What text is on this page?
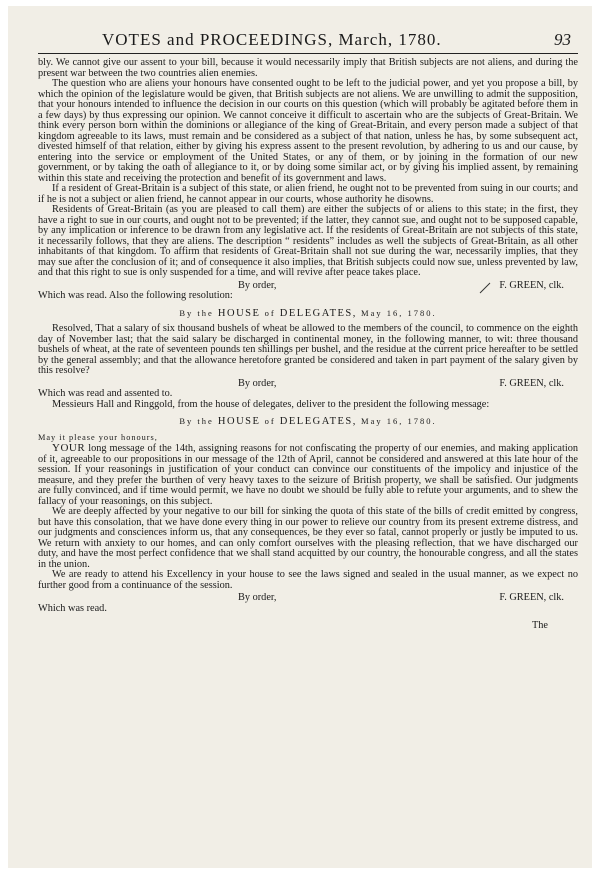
VOTES and PROCEEDINGS, March, 1780.	93

bly. We cannot give our assent to your bill, because it would necessarily imply that British subjects are not aliens, and during the present war between the two countries alien enemies.

The question who are aliens your honours have consented ought to be left to the judicial power, and yet you propose a bill, by which the opinion of the legislature would be given, that British subjects are not aliens. We are unwilling to admit the supposition, that your honours intended to influence the decision in our courts on this question (which will probably be agitated before them in a few days) by thus expressing our opinion. We cannot conceive it difficult to ascertain who are the subjects of Great-Britain. We think every person born within the dominions or allegiance of the king of Great-Britain, and every person made a subject of that kingdom agreeable to its laws, must remain and be considered as a subject of that nation, unless he has, by some subsequent act, divested himself of that relation, either by giving his express assent to the present revolution, by adhering to us and our cause, by entering into the service or employment of the United States, or any of them, or by joining in the formation of our new government, or by taking the oath of allegiance to it, or by doing some similar act, or by giving his implied assent, by remaining within this state and receiving the protection and benefit of its government and laws.

If a resident of Great-Britain is a subject of this state, or alien friend, he ought not to be prevented from suing in our courts; and if he is not a subject or alien friend, he cannot appear in our courts, whose authority he disowns.

Residents of Great-Britain (as you are pleased to call them) are either the subjects of or aliens to this state; in the first, they have a right to sue in our courts, and ought not to be prevented; if the latter, they cannot sue, and ought not to be supposed capable, by any implication or inference to be drawn from any legislative act. If the residents of Great-Britain are not subjects of this state, it necessarily follows, that they are aliens. The description “ residents” includes as well the subjects of Great-Britain, as all other inhabitants of that kingdom. To affirm that residents of Great-Britain shall not sue during the war, necessarily implies, that they may sue after the conclusion of it; and of consequence it also implies, that British subjects could now sue, unless prevented by law, and that this right to sue is only suspended for a time, and will revive after peace takes place.

By order,	F. GREEN, clk.

Which was read. Also the following resolution:

By the HOUSE of DELEGATES, May 16, 1780.

Resolved, That a salary of six thousand bushels of wheat be allowed to the members of the council, to commence on the eighth day of November last; that the said salary be discharged in continental money, in the following manner, to wit: three thousand bushels of wheat, at the rate of seventeen pounds ten shillings per bushel, and the residue at the current price hereafter to be settled by the general assembly; and that the allowance heretofore granted be considered and taken in part payment of the salary given by this resolve?

By order,	F. GREEN, clk.

Which was read and assented to.

Messieurs Hall and Ringgold, from the house of delegates, deliver to the president the following message:

By the HOUSE of DELEGATES, May 16, 1780.

May it please your honours,

YOUR long message of the 14th, assigning reasons for not confiscating the property of our enemies, and making application of it, agreeable to our propositions in our message of the 12th of April, cannot be considered and answered at this late hour of the session. If your reasonings in justification of your conduct can convince our constituents of the impolicy and injustice of the measure, and they prefer the burthen of very heavy taxes to the seizure of British property, we shall be satisfied. Our judgments are fully convinced, and if time would permit, we have no doubt we should be fully able to refute your arguments, and to shew the fallacy of your reasonings, on this subject.

We are deeply affected by your negative to our bill for sinking the quota of this state of the bills of credit emitted by congress, but have this consolation, that we have done every thing in our power to relieve our country from its present extreme distress, and our judgments and consciences inform us, that any consequences, be they ever so fatal, cannot properly or justly be imputed to us. We return with anxiety to our homes, and can only comfort ourselves with the pleasing reflection, that we have discharged our duty, and have the most perfect confidence that we shall stand acquitted by our country, the honourable congress, and all the states in the union.

We are ready to attend his Excellency in your house to see the laws signed and sealed in the usual manner, as we expect no further good from a continuance of the session.

By order,	F. GREEN, clk.

Which was read.

The
